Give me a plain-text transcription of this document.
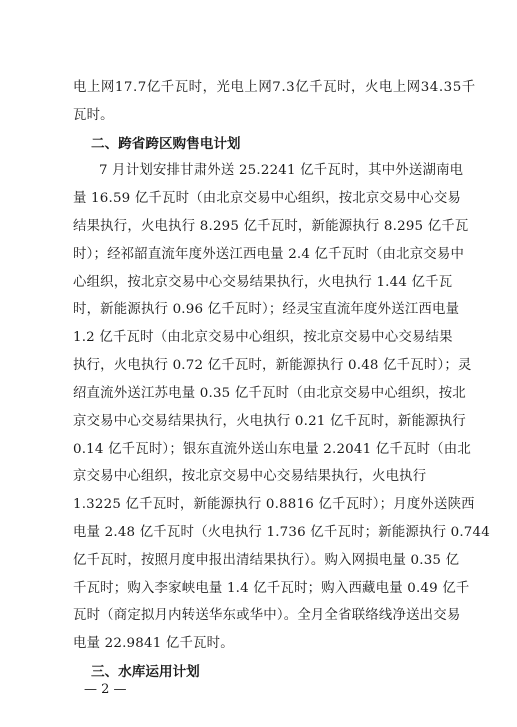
电上网17.7亿千瓦时，光电上网7.3亿千瓦时，火电上网34.35千
瓦时。
二、跨省跨区购售电计划
7 月计划安排甘肃外送 25.2241 亿千瓦时，其中外送湖南电
量 16.59 亿千瓦时（由北京交易中心组织，按北京交易中心交易
结果执行，火电执行 8.295 亿千瓦时，新能源执行 8.295 亿千瓦
时）；经祁韶直流年度外送江西电量 2.4 亿千瓦时（由北京交易中
心组织，按北京交易中心交易结果执行，火电执行 1.44 亿千瓦
时，新能源执行 0.96 亿千瓦时）；经灵宝直流年度外送江西电量
1.2 亿千瓦时（由北京交易中心组织，按北京交易中心交易结果
执行，火电执行 0.72 亿千瓦时，新能源执行 0.48 亿千瓦时）；灵
绍直流外送江苏电量 0.35 亿千瓦时（由北京交易中心组织，按北
京交易中心交易结果执行，火电执行 0.21 亿千瓦时，新能源执行
0.14 亿千瓦时）；银东直流外送山东电量 2.2041 亿千瓦时（由北
京交易中心组织，按北京交易中心交易结果执行，火电执行
1.3225 亿千瓦时，新能源执行 0.8816 亿千瓦时）；月度外送陕西
电量 2.48 亿千瓦时（火电执行 1.736 亿千瓦时；新能源执行 0.744
亿千瓦时，按照月度申报出清结果执行）。购入网损电量 0.35 亿
千瓦时；购入李家峡电量 1.4 亿千瓦时；购入西藏电量 0.49 亿千
瓦时（商定拟月内转送华东或华中）。全月全省联络线净送出交易
电量 22.9841 亿千瓦时。
三、水库运用计划
— 2 —
